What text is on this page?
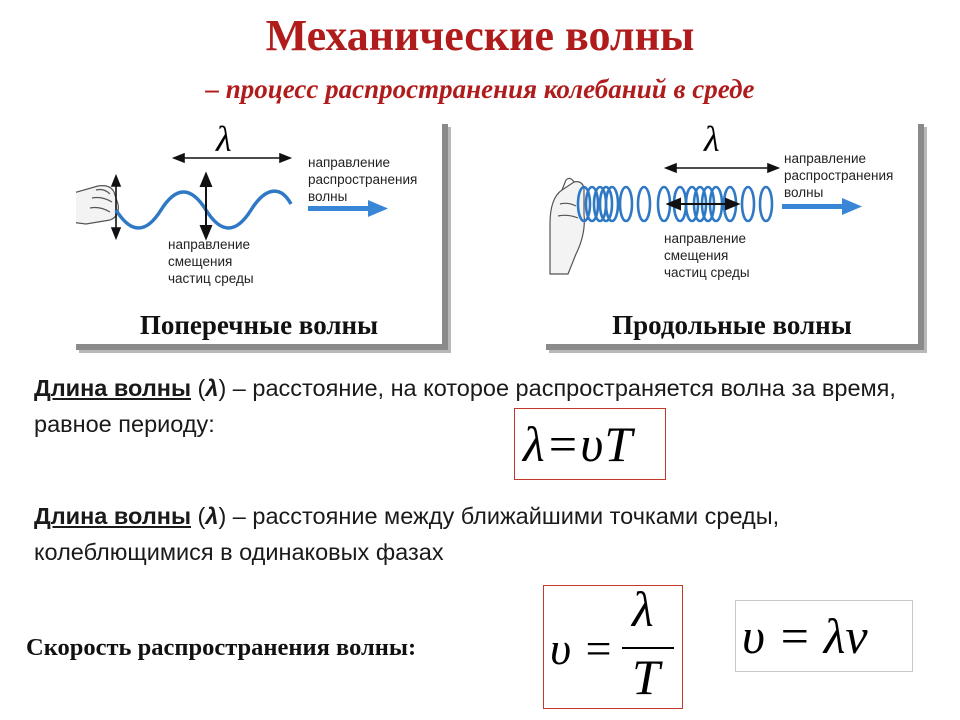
Механические волны
– процесс распространения колебаний в среде
λ
направление
распространения
волны
направление
смещения
частиц среды
Поперечные волны
λ	направление
распространения
волны
направление
смещения
частиц среды
Продольные волны
Длина волны (λ) – расстояние, на которое распространяется волна за время, равное периоду:	λ=υT
Длина волны (λ) – расстояние между ближайшими точками среды, колеблющимися в одинаковых фазах
Скорость распространения волны:	υ =
λ
T
υ = λν
